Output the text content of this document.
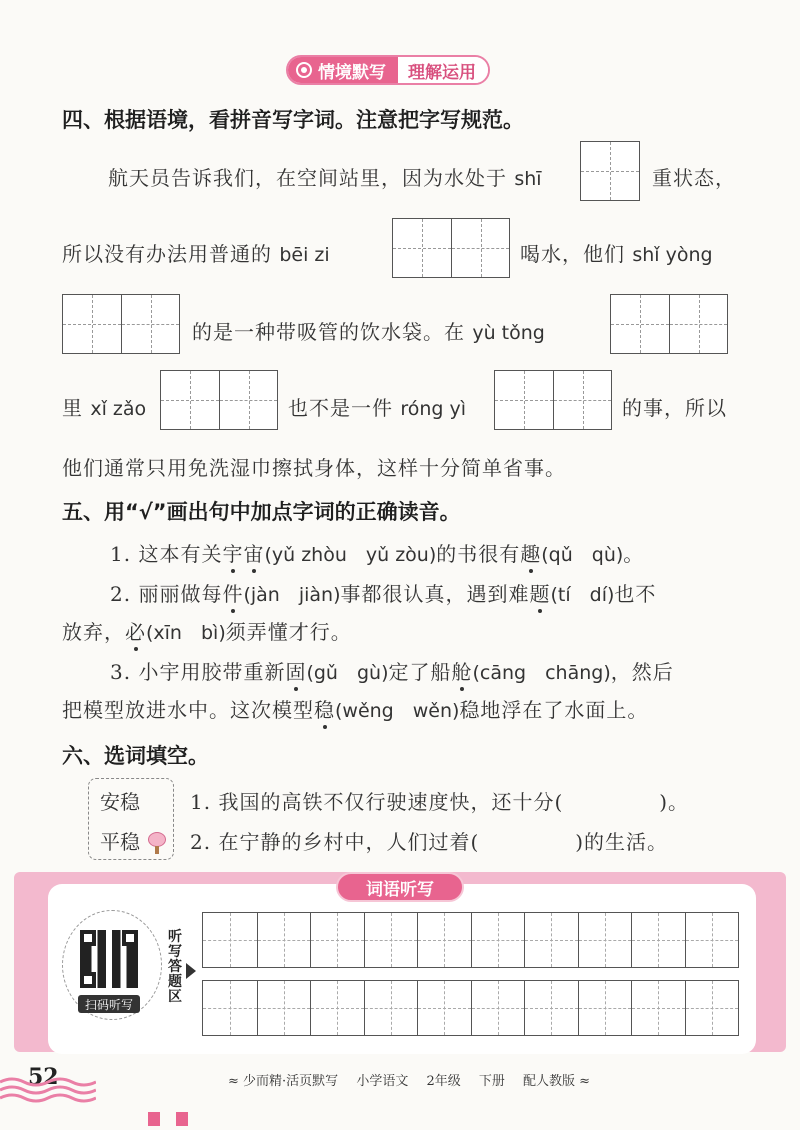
情境默写	理解运用
四、根据语境，看拼音写字词。注意把字写规范。
航天员告诉我们，在空间站里，因为水处于 shī	重状态，
所以没有办法用普通的 bēi zi	喝水，他们 shǐ yòng
的是一种带吸管的饮水袋。在 yù tǒng
里 xǐ zǎo	也不是一件 róng yì	的事，所以
他们通常只用免洗湿巾擦拭身体，这样十分简单省事。
五、用“√”画出句中加点字词的正确读音。
1. 这本有关宇宙(yǔ zhòu　yǔ zòu)的书很有趣(qǔ　qù)。
2. 丽丽做每件(jàn　jiàn)事都很认真，遇到难题(tí　dí)也不
放弃，必(xīn　bì)须弄懂才行。
3. 小宇用胶带重新固(gǔ　gù)定了船舱(cāng　chāng)，然后
把模型放进水中。这次模型稳(wěng　wěn)稳地浮在了水面上。
六、选词填空。
安稳
平稳
1. 我国的高铁不仅行驶速度快，还十分(	)。
2. 在宁静的乡村中，人们过着(	)的生活。
词语听写
扫码听写
听写答题区
52	≈ 少而精·活页默写 小学语文 2年级 下册 配人教版 ≈
